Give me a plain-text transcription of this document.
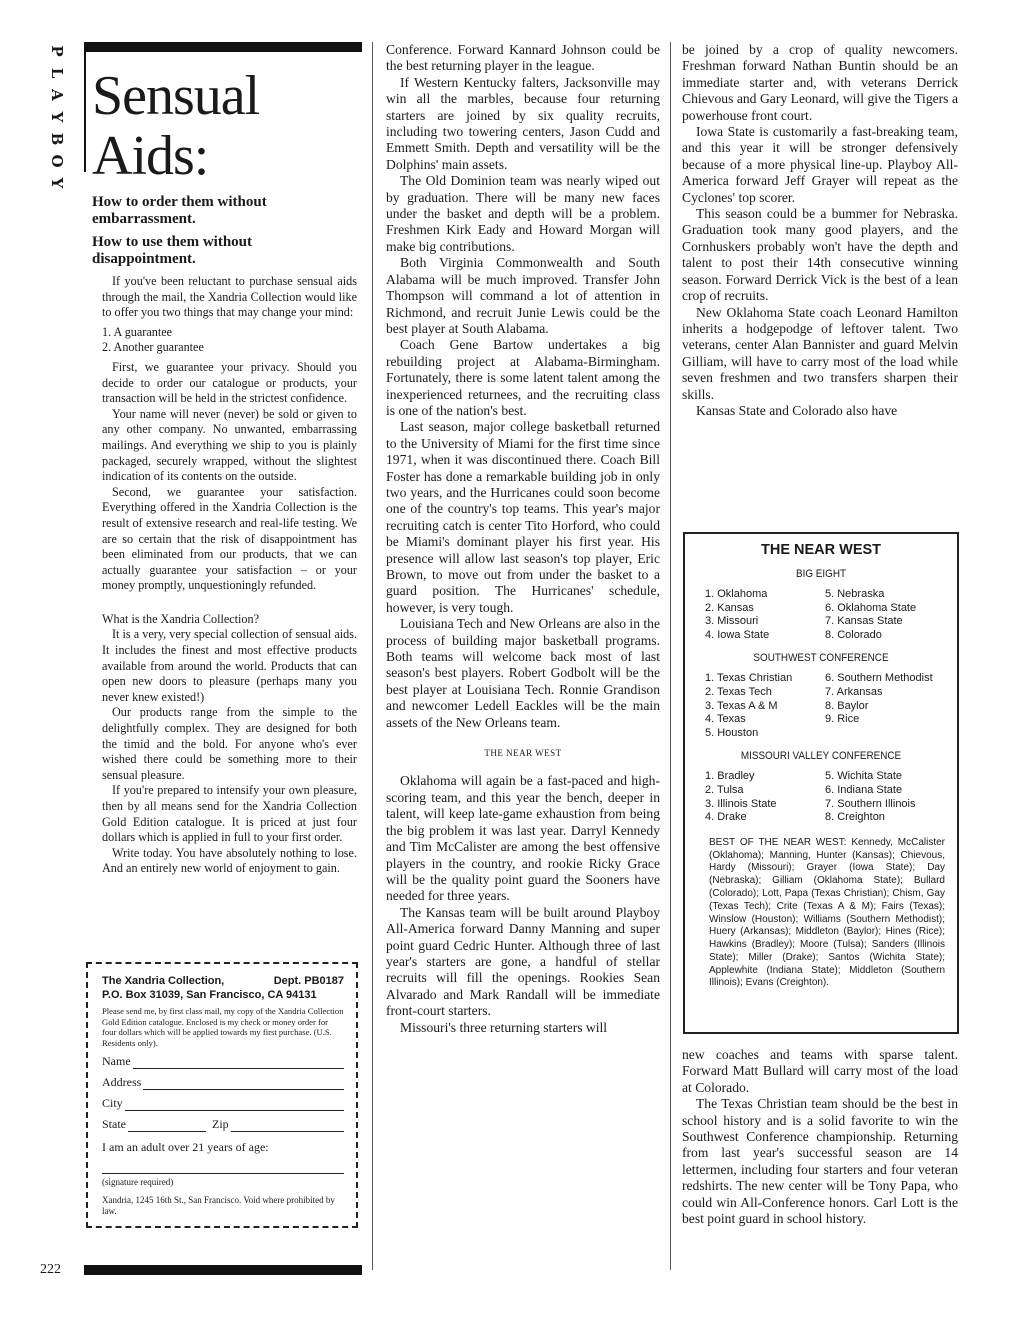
P
L
A
Y
B
O
Y
222
Sensual
Aids:
How to order them without embarrassment.
How to use them without disappointment.

If you've been reluctant to purchase sensual aids through the mail, the Xandria Collection would like to offer you two things that may change your mind:

1. A guarantee

2. Another guarantee

First, we guarantee your privacy. Should you decide to order our catalogue or products, your transaction will be held in the strictest confidence.

Your name will never (never) be sold or given to any other company. No unwanted, embarrassing mailings. And everything we ship to you is plainly packaged, securely wrapped, without the slightest indication of its contents on the outside.

Second, we guarantee your satisfaction. Everything offered in the Xandria Collection is the result of extensive research and real-life testing. We are so certain that the risk of disappointment has been eliminated from our products, that we can actually guarantee your satisfaction – or your money promptly, unquestioningly refunded.

What is the Xandria Collection?

It is a very, very special collection of sensual aids. It includes the finest and most effective products available from around the world. Products that can open new doors to pleasure (perhaps many you never knew existed!)

Our products range from the simple to the delightfully complex. They are designed for both the timid and the bold. For anyone who's ever wished there could be something more to their sensual pleasure.

If you're prepared to intensify your own pleasure, then by all means send for the Xandria Collection Gold Edition catalogue. It is priced at just four dollars which is applied in full to your first order.

Write today. You have absolutely nothing to lose. And an entirely new world of enjoyment to gain.

The Xandria Collection,	Dept. PB0187

P.O. Box 31039, San Francisco, CA 94131
Please send me, by first class mail, my copy of the Xandria Collection Gold Edition catalogue. Enclosed is my check or money order for four dollars which will be applied towards my first purchase. (U.S. Residents only).
Name
Address
City
State	Zip
I am an adult over 21 years of age:
(signature required)
Xandria, 1245 16th St., San Francisco. Void where prohibited by law.

Conference. Forward Kannard Johnson could be the best returning player in the league.

If Western Kentucky falters, Jacksonville may win all the marbles, because four returning starters are joined by six quality recruits, including two towering centers, Jason Cudd and Emmett Smith. Depth and versatility will be the Dolphins' main assets.

The Old Dominion team was nearly wiped out by graduation. There will be many new faces under the basket and depth will be a problem. Freshmen Kirk Eady and Howard Morgan will make big contributions.

Both Virginia Commonwealth and South Alabama will be much improved. Transfer John Thompson will command a lot of attention in Richmond, and recruit Junie Lewis could be the best player at South Alabama.

Coach Gene Bartow undertakes a big rebuilding project at Alabama-Birmingham. Fortunately, there is some latent talent among the inexperienced returnees, and the recruiting class is one of the nation's best.

Last season, major college basketball returned to the University of Miami for the first time since 1971, when it was discontinued there. Coach Bill Foster has done a remarkable building job in only two years, and the Hurricanes could soon become one of the country's top teams. This year's major recruiting catch is center Tito Horford, who could be Miami's dominant player his first year. His presence will allow last season's top player, Eric Brown, to move out from under the basket to a guard position. The Hurricanes' schedule, however, is very tough.

Louisiana Tech and New Orleans are also in the process of building major basketball programs. Both teams will welcome back most of last season's best players. Robert Godbolt will be the best player at Louisiana Tech. Ronnie Grandison and newcomer Ledell Eackles will be the main assets of the New Orleans team.

THE NEAR WEST

Oklahoma will again be a fast-paced and high-scoring team, and this year the bench, deeper in talent, will keep late-game exhaustion from being the big problem it was last year. Darryl Kennedy and Tim McCalister are among the best offensive players in the country, and rookie Ricky Grace will be the quality point guard the Sooners have needed for three years.

The Kansas team will be built around Playboy All-America forward Danny Manning and super point guard Cedric Hunter. Although three of last year's starters are gone, a handful of stellar recruits will fill the openings. Rookies Sean Alvarado and Mark Randall will be immediate front-court starters.

Missouri's three returning starters will

be joined by a crop of quality newcomers. Freshman forward Nathan Buntin should be an immediate starter and, with veterans Derrick Chievous and Gary Leonard, will give the Tigers a powerhouse front court.

Iowa State is customarily a fast-breaking team, and this year it will be stronger defensively because of a more physical line-up. Playboy All-America forward Jeff Grayer will repeat as the Cyclones' top scorer.

This season could be a bummer for Nebraska. Graduation took many good players, and the Cornhuskers probably won't have the depth and talent to post their 14th consecutive winning season. Forward Derrick Vick is the best of a lean crop of recruits.

New Oklahoma State coach Leonard Hamilton inherits a hodgepodge of leftover talent. Two veterans, center Alan Bannister and guard Melvin Gilliam, will have to carry most of the load while seven freshmen and two transfers sharpen their skills.

Kansas State and Colorado also have

THE NEAR WEST
BIG EIGHT
1. Oklahoma
2. Kansas
3. Missouri
4. Iowa State
5. Nebraska
6. Oklahoma State
7. Kansas State
8. Colorado
SOUTHWEST CONFERENCE
1. Texas Christian
2. Texas Tech
3. Texas A & M
4. Texas
5. Houston
6. Southern Methodist
7. Arkansas
8. Baylor
9. Rice
MISSOURI VALLEY CONFERENCE
1. Bradley
2. Tulsa
3. Illinois State
4. Drake
5. Wichita State
6. Indiana State
7. Southern Illinois
8. Creighton
BEST OF THE NEAR WEST: Kennedy, McCalister (Oklahoma); Manning, Hunter (Kansas); Chievous, Hardy (Missouri); Grayer (Iowa State); Day (Nebraska); Gilliam (Oklahoma State); Bullard (Colorado); Lott, Papa (Texas Christian); Chism, Gay (Texas Tech); Crite (Texas A & M); Fairs (Texas); Winslow (Houston); Williams (Southern Methodist); Huery (Arkansas); Middleton (Baylor); Hines (Rice); Hawkins (Bradley); Moore (Tulsa); Sanders (Illinois State); Miller (Drake); Santos (Wichita State); Applewhite (Indiana State); Middleton (Southern Illinois); Evans (Creighton).

new coaches and teams with sparse talent. Forward Matt Bullard will carry most of the load at Colorado.

The Texas Christian team should be the best in school history and is a solid favorite to win the Southwest Conference championship. Returning from last year's successful season are 14 lettermen, including four starters and four veteran redshirts. The new center will be Tony Papa, who could win All-Conference honors. Carl Lott is the best point guard in school history.
